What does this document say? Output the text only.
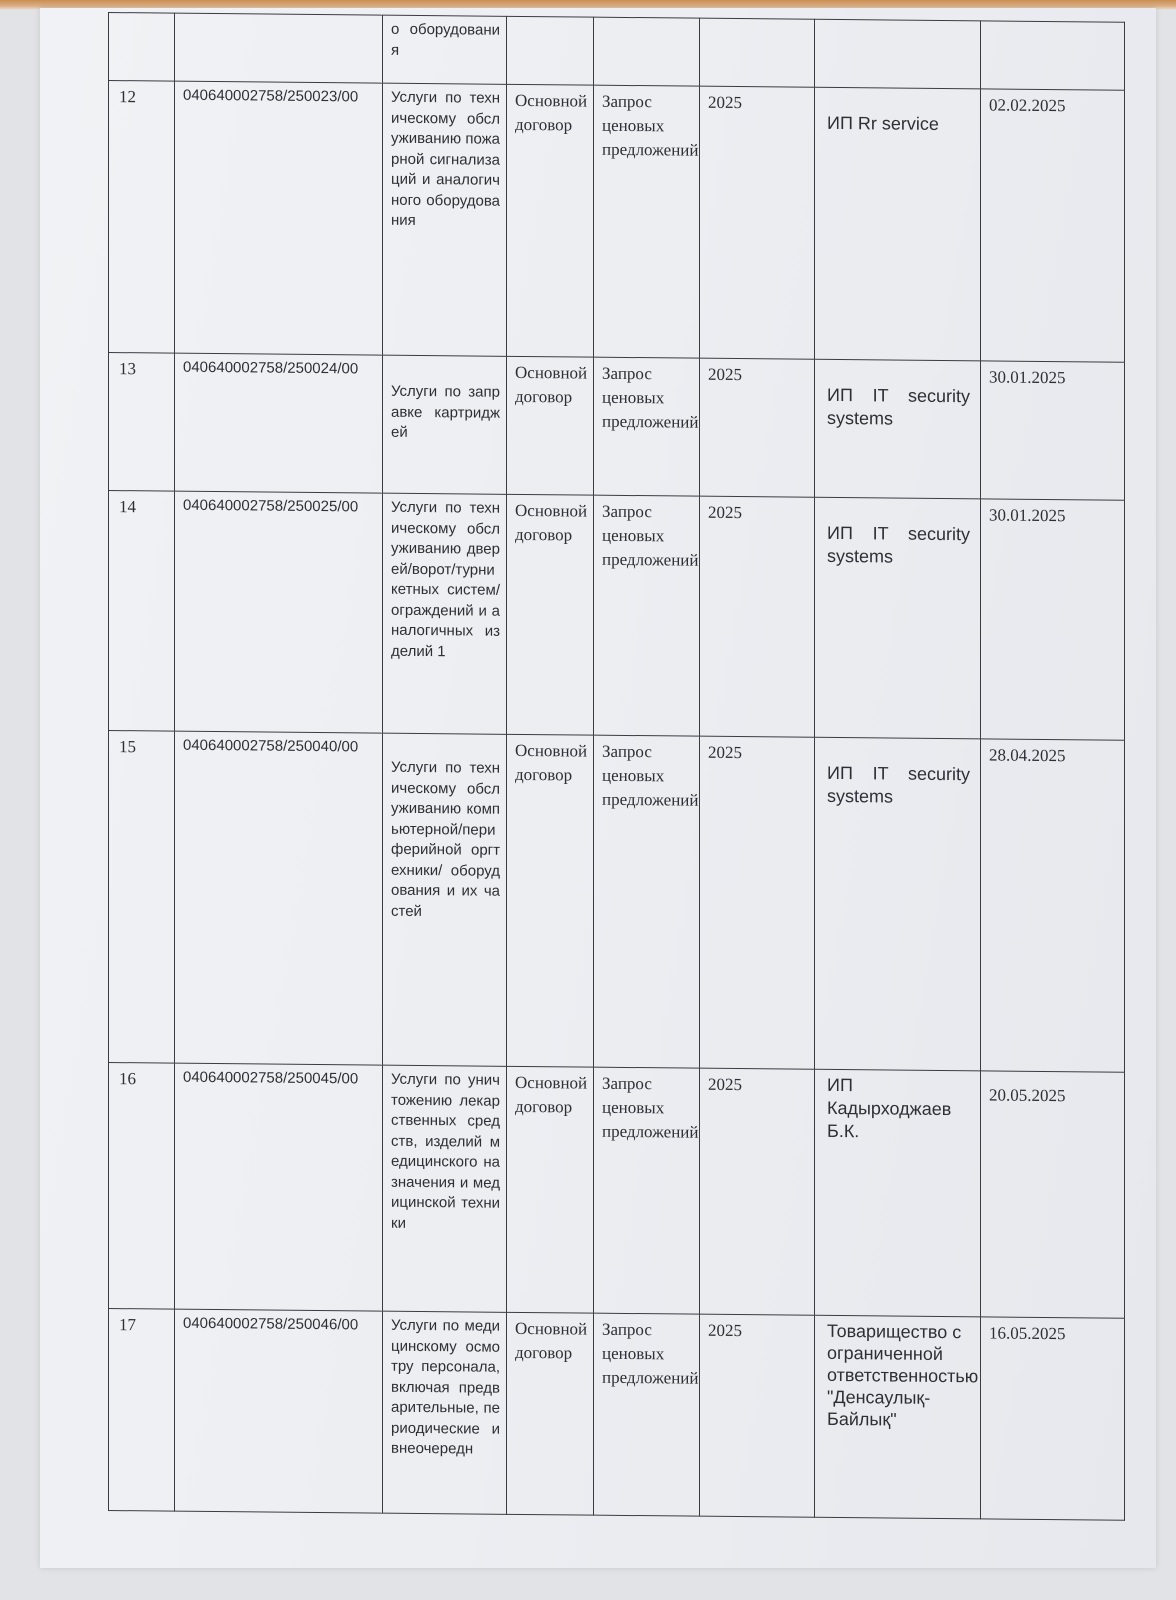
		о оборудования					
12	040640002758/250023/00	Услуги по техническому обслуживанию пожарной сигнализаций и аналогичного оборудования	Основной договор	Запрос ценовых предложений	2025	ИП Rr service	02.02.2025
13	040640002758/250024/00	Услуги по заправке картриджей	Основной договор	Запрос ценовых предложений	2025	ИП IT security systems	30.01.2025
14	040640002758/250025/00	Услуги по техническому обслуживанию дверей/ворот/турникетных систем/ограждений и аналогичных изделий 1	Основной договор	Запрос ценовых предложений	2025	ИП IT security systems	30.01.2025
15	040640002758/250040/00	Услуги по техническому обслуживанию компьютерной/периферийной оргтехники/ оборудования и их частей	Основной договор	Запрос ценовых предложений	2025	ИП IT security systems	28.04.2025
16	040640002758/250045/00	Услуги по уничтожению лекарственных средств, изделий медицинского назначения и медицинской техники	Основной договор	Запрос ценовых предложений	2025	ИП Кадырходжаев Б.К.	20.05.2025
17	040640002758/250046/00	Услуги по медицинскому осмотру персонала, включая предварительные, периодические и внеочередн	Основной договор	Запрос ценовых предложений	2025	Товарищество с ограниченной ответственностью "Денсаулық-Байлық"	16.05.2025
